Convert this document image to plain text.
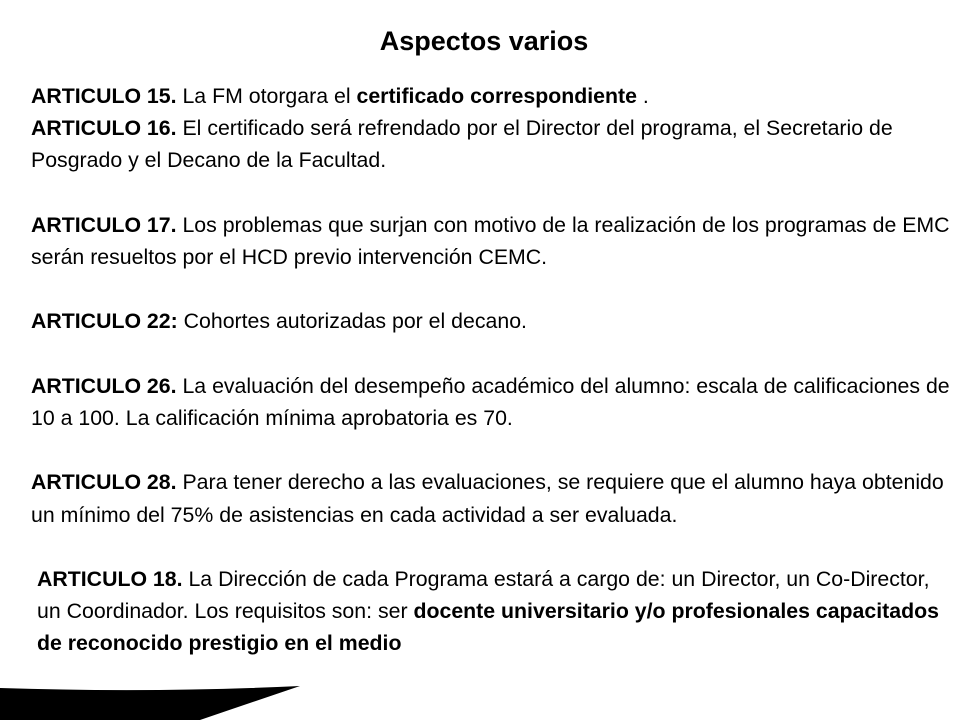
Aspectos varios

ARTICULO 15. La FM otorgara el certificado correspondiente .

ARTICULO 16. El certificado será refrendado por el Director del programa, el Secretario de Posgrado y el Decano de la Facultad.

ARTICULO 17. Los problemas que surjan con motivo de la realización de los programas de EMC serán resueltos por el HCD previo intervención CEMC.

ARTICULO 22: Cohortes autorizadas por el decano.

ARTICULO 26. La evaluación del desempeño académico del alumno: escala de calificaciones de 10 a 100. La calificación mínima aprobatoria es 70.

ARTICULO 28. Para tener derecho a las evaluaciones, se requiere que el alumno haya obtenido un mínimo del 75% de asistencias en cada actividad a ser evaluada.

ARTICULO 18. La Dirección de cada Programa estará a cargo de: un Director, un Co-Director, un Coordinador. Los requisitos son: ser docente universitario y/o profesionales capacitados de reconocido prestigio en el medio
